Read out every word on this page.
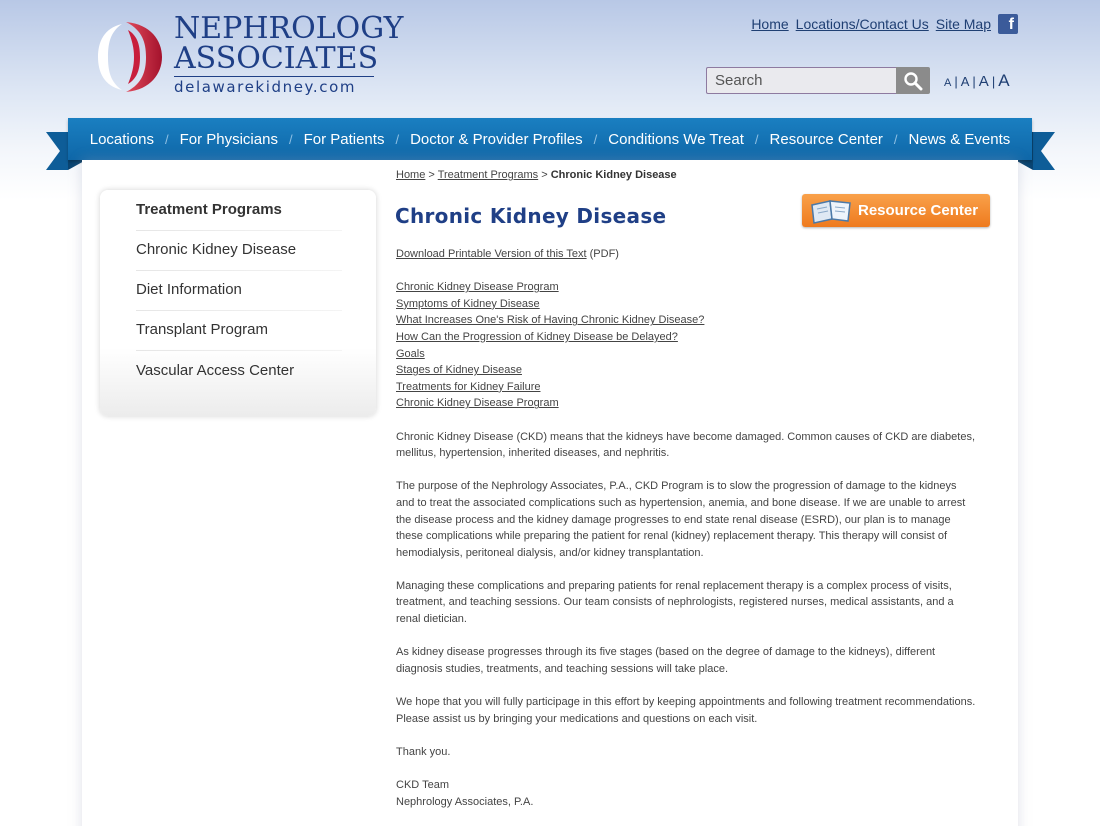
NEPHROLOGY
ASSOCIATES
delawarekidney.com
Home Locations/Contact Us Site Map	f
Search
A | A | A | A
Locations / For Physicians / For Patients / Doctor & Provider Profiles / Conditions We Treat / Resource Center / News & Events
Treatment Programs
Chronic Kidney Disease
Diet Information
Transplant Program
Vascular Access Center
Home > Treatment Programs > Chronic Kidney Disease
Chronic Kidney Disease	Resource Center

Download Printable Version of this Text (PDF)

Chronic Kidney Disease Program
Symptoms of Kidney Disease
What Increases One's Risk of Having Chronic Kidney Disease?
How Can the Progression of Kidney Disease be Delayed?
Goals
Stages of Kidney Disease
Treatments for Kidney Failure
Chronic Kidney Disease Program

Chronic Kidney Disease (CKD) means that the kidneys have become damaged. Common causes of CKD are diabetes, mellitus, hypertension, inherited diseases, and nephritis.

The purpose of the Nephrology Associates, P.A., CKD Program is to slow the progression of damage to the kidneys and to treat the associated complications such as hypertension, anemia, and bone disease. If we are unable to arrest the disease process and the kidney damage progresses to end state renal disease (ESRD), our plan is to manage these complications while preparing the patient for renal (kidney) replacement therapy. This therapy will consist of hemodialysis, peritoneal dialysis, and/or kidney transplantation.

Managing these complications and preparing patients for renal replacement therapy is a complex process of visits, treatment, and teaching sessions. Our team consists of nephrologists, registered nurses, medical assistants, and a renal dietician.

As kidney disease progresses through its five stages (based on the degree of damage to the kidneys), different diagnosis studies, treatments, and teaching sessions will take place.

We hope that you will fully participage in this effort by keeping appointments and following treatment recommendations. Please assist us by bringing your medications and questions on each visit.

Thank you.

CKD Team

Nephrology Associates, P.A.
